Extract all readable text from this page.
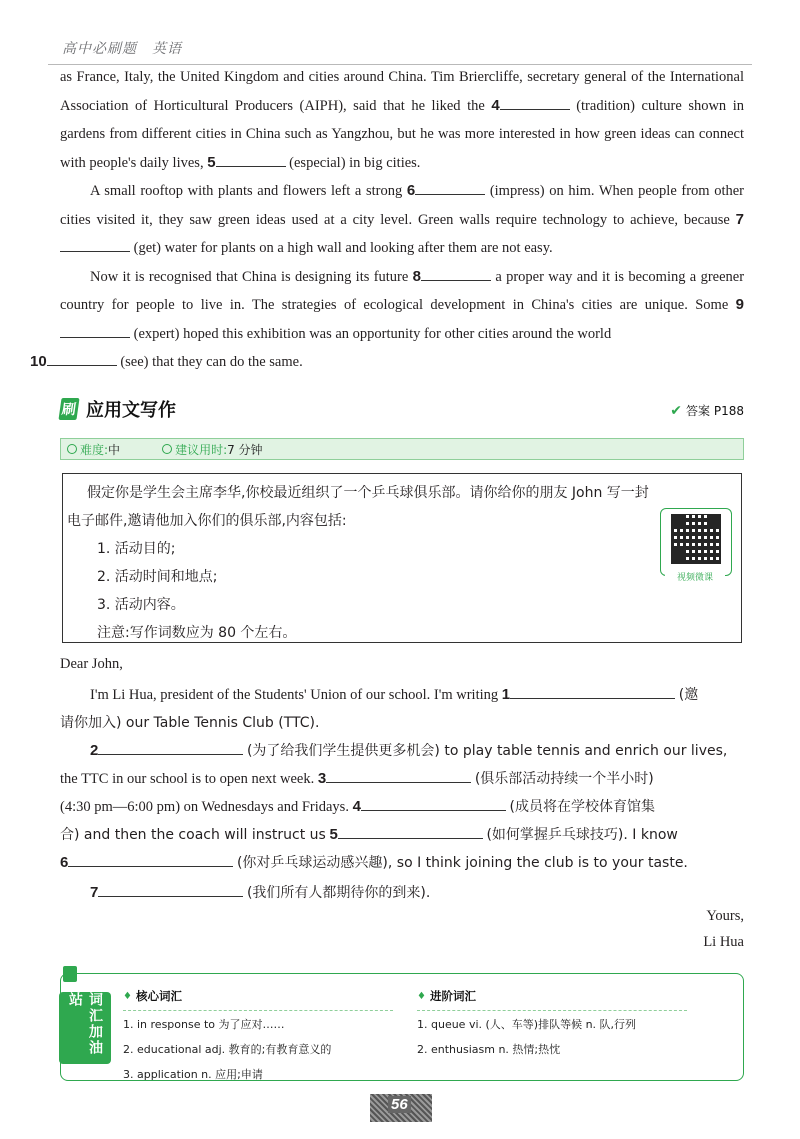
高中必刷题　英语

as France, Italy, the United Kingdom and cities around China. Tim Briercliffe, secretary general of the International Association of Horticultural Producers (AIPH), said that he liked the 4	(tradition) culture shown in gardens from different cities in China such as Yangzhou, but he was more interested in how green ideas can connect with people's daily lives, 5	(especial) in big cities.

A small rooftop with plants and flowers left a strong 6	(impress) on him. When people from other cities visited it, they saw green ideas used at a city level. Green walls require technology to achieve, because 7 (get) water for plants on a high wall and looking after them are not easy.

Now it is recognised that China is designing its future 8	a proper way and it is becoming a greener country for people to live in. The strategies of ecological development in China's cities are unique. Some 9 (expert) hoped this exhibition was an opportunity for other cities around the world
10	(see) that they can do the same.

刷 应用文写作	✔ 答案 P188
难度: 中	建议用时: 7 分钟
假定你是学生会主席李华,你校最近组织了一个乒乓球俱乐部。请你给你的朋友 John 写一封
电子邮件,邀请他加入你们的俱乐部,内容包括:
1. 活动目的;
2. 活动时间和地点;
3. 活动内容。
注意:写作词数应为 80 个左右。
视频微课
Dear John,
I'm Li Hua, president of the Students' Union of our school. I'm writing 1	(邀
请你加入) our Table Tennis Club (TTC).
2	(为了给我们学生提供更多机会) to play table tennis and enrich our lives,
the TTC in our school is to open next week. 3	(俱乐部活动持续一个半小时)
(4:30 pm—6:00 pm) on Wednesdays and Fridays. 4	(成员将在学校体育馆集
合) and then the coach will instruct us 5	(如何掌握乒乓球技巧). I know
6	(你对乒乓球运动感兴趣), so I think joining the club is to your taste.
7	(我们所有人都期待你的到来).
Yours,
Li Hua
词汇加油站	♦ 核心词汇
1. in response to 为了应对……
2. educational adj. 教育的;有教育意义的
3. application n. 应用;申请
♦ 进阶词汇
1. queue vi. (人、车等)排队等候 n. 队,行列
2. enthusiasm n. 热情;热忱
56
